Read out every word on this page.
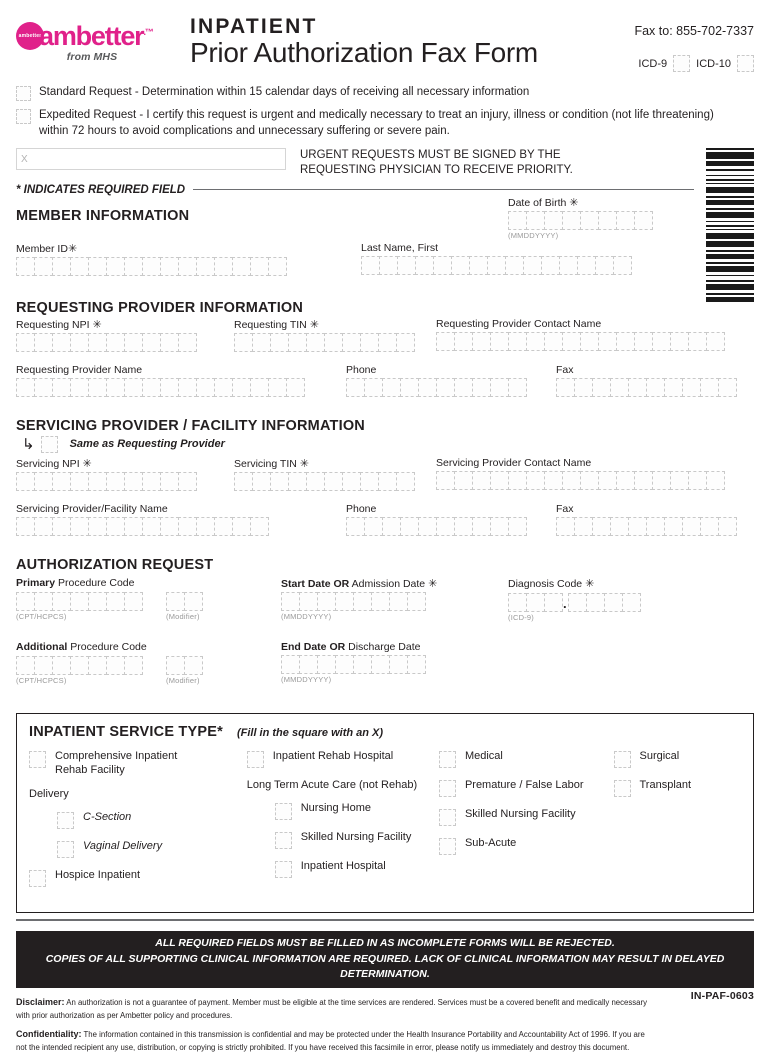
ambetter
ambetter.™
from MHS
INPATIENT
Prior Authorization Fax Form
Fax to: 855-702-7337
ICD-9	ICD-10
Standard Request - Determination within 15 calendar days of receiving all necessary information
Expedited Request - I certify this request is urgent and medically necessary to treat an injury, illness or condition (not life threatening) within 72 hours to avoid complications and unnecessary suffering or severe pain.
X	URGENT REQUESTS MUST BE SIGNED BY THE
REQUESTING PHYSICIAN TO RECEIVE PRIORITY.
* INDICATES REQUIRED FIELD
MEMBER INFORMATION
Member ID✳	Last Name, First
Date of Birth ✳
(MMDDYYYY)
REQUESTING PROVIDER INFORMATION
Requesting NPI ✳	Requesting TIN ✳	Requesting Provider Contact Name
Requesting Provider Name	Phone	Fax
SERVICING PROVIDER / FACILITY INFORMATION
↳	Same as Requesting Provider
Servicing NPI ✳	Servicing TIN ✳	Servicing Provider Contact Name
Servicing Provider/Facility Name	Phone	Fax
AUTHORIZATION REQUEST
Primary Procedure Code
(CPT/HCPCS)	(Modifier)
Additional Procedure Code
(CPT/HCPCS)	(Modifier)
Start Date OR Admission Date ✳
(MMDDYYYY)
End Date OR Discharge Date
(MMDDYYYY)
Diagnosis Code ✳
.
(ICD-9)
INPATIENT SERVICE TYPE* (Fill in the square with an X)
Comprehensive Inpatient
Rehab Facility
Delivery
C-Section
Vaginal Delivery
Hospice Inpatient
Inpatient Rehab Hospital
Long Term Acute Care (not Rehab)
Nursing Home
Skilled Nursing Facility
Inpatient Hospital
Medical
Premature / False Labor
Skilled Nursing Facility
Sub-Acute
Surgical
Transplant
ALL REQUIRED FIELDS MUST BE FILLED IN AS INCOMPLETE FORMS WILL BE REJECTED.
COPIES OF ALL SUPPORTING CLINICAL INFORMATION ARE REQUIRED. LACK OF CLINICAL INFORMATION MAY RESULT IN DELAYED DETERMINATION.

Disclaimer: An authorization is not a guarantee of payment. Member must be eligible at the time services are rendered. Services must be a covered benefit and medically necessary with prior authorization as per Ambetter policy and procedures.

Confidentiality: The information contained in this transmission is confidential and may be protected under the Health Insurance Portability and Accountability Act of 1996. If you are not the intended recipient any use, distribution, or copying is strictly prohibited. If you have received this facsimile in error, please notify us immediately and destroy this document.

IN-PAF-0603
